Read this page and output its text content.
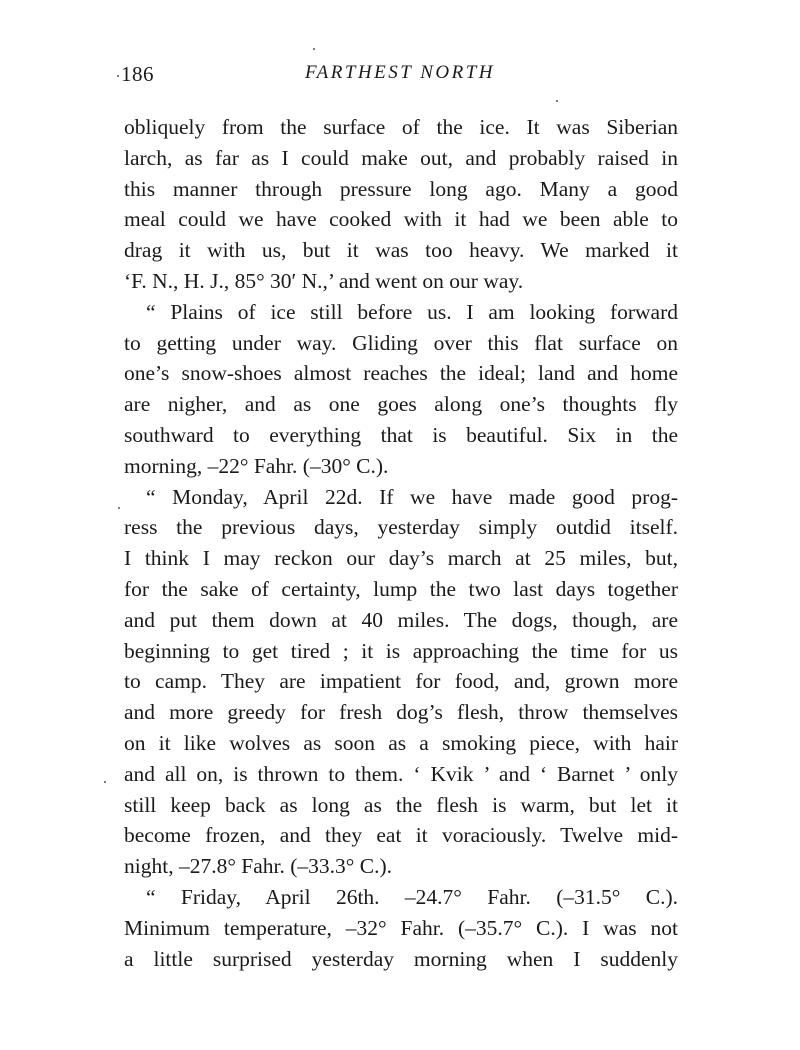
186	FARTHEST NORTH
obliquely from the surface of the ice. It was Siberian
larch, as far as I could make out, and probably raised in
this manner through pressure long ago. Many a good
meal could we have cooked with it had we been able to
drag it with us, but it was too heavy. We marked it
‘F. N., H. J., 85° 30′ N.,’ and went on our way.
“ Plains of ice still before us. I am looking forward
to getting under way. Gliding over this flat surface on
one’s snow-shoes almost reaches the ideal; land and home
are nigher, and as one goes along one’s thoughts fly
southward to everything that is beautiful. Six in the
morning, –22° Fahr. (–30° C.).
“ Monday, April 22d. If we have made good prog-
ress the previous days, yesterday simply outdid itself.
I think I may reckon our day’s march at 25 miles, but,
for the sake of certainty, lump the two last days together
and put them down at 40 miles. The dogs, though, are
beginning to get tired ; it is approaching the time for us
to camp. They are impatient for food, and, grown more
and more greedy for fresh dog’s flesh, throw themselves
on it like wolves as soon as a smoking piece, with hair
and all on, is thrown to them. ‘ Kvik ’ and ‘ Barnet ’ only
still keep back as long as the flesh is warm, but let it
become frozen, and they eat it voraciously. Twelve mid-
night, –27.8° Fahr. (–33.3° C.).
“ Friday, April 26th. –24.7° Fahr. (–31.5° C.).
Minimum temperature, –32° Fahr. (–35.7° C.). I was not
a little surprised yesterday morning when I suddenly
